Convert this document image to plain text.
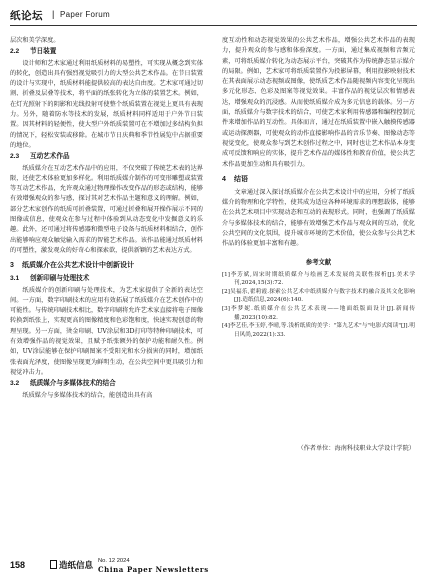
纸论坛 | Paper Forum

层次和美学深度。

2.2 节日装置

设计师和艺术家通过利用纸质材料的易塑性，可实现从概念到实体的转化，创造出具有强烈视觉吸引力的大型公共艺术作品。在节日装置的设计与实现中，纸质材料能提供较高的表达自由度。艺术家可通过切割、折叠及层叠等技术，将平面的纸张转化为立体的装置艺术。例如，在灯光照射下的阴影和光线投射可使整个纸质装置在视觉上更具有表现力。另外，随着防水等技术的发展，纸质材料同样适用于户外节日装置。因其材料的轻便性，使大型户外纸质装置可在不增加过多结构负担的情况下，轻松安装或移除。在城市节日庆典和季节性展览中占据重要的地位。

2.3 互动艺术作品

纸质媒介在互动艺术作品中的应用，不仅突破了传统艺术表的达界限，还使艺术体验更加多样化。利用纸质媒介制作的可变形雕塑或装置等互动艺术作品，允许观众通过物理操作改变作品的形态或结构，能够有效增强观众的参与感，探讨其对艺术作品主题和意义的理解。例如，部分艺术家创作的纸质可折叠装置，可通过折叠和展开操作展示不同的图像或信息，使观众在参与过程中体验到从动态变化中发掘意义的乐趣。此外，还可通过将传感器和微型电子设备与纸质材料相结合，创作出能够响应观众触觉输入需求的智能艺术作品。该作品能通过纸质材料的可塑性，激发观众的好奇心和探索欲，提供新颖的艺术表达方式。

3 纸质媒介在公共艺术设计中创新设计
3.1 创新印刷与处理技术

纸质媒介的创新印刷与处理技术，为艺术家提供了全新的表达空间。一方面，数字印刷技术的应用有效拓展了纸质媒介在艺术创作中的可能性。与传统印刷技术相比，数字印刷将允许艺术家直接将电子图像转换到纸张上，实现更高的图像精度和色彩饱和度，快速实现创意的物理呈现。另一方面，烫金印刷、UV涂层和3D打印等特种印刷技术，可有效增强作品的视觉效果，且赋予纸张额外的保护功能和耐久性。例如，UV涂层能够在保护印刷图案不受阳光和水分损害的同时，增加纸张表面光泽度，使图像呈现更为鲜明生动，在公共空间中更具吸引力和视觉冲击力。

3.2 纸质媒介与多媒体技术的结合

纸质媒介与多媒体技术的结合，能创造出具有高

度互动性和动态视觉效果的公共艺术作品，增强公共艺术作品的表现力，提升观众的参与感和体验深度。一方面，通过集成视频和音频元素，可将纸质媒介转化为动态展示平台，突破其作为传统静态显示媒介的局限。例如，艺术家可将纸质装置作为投影屏幕，利用投影映射技术在其表面展示动态视频或图像，使纸质艺术作品随视频内容变化呈现出多元化形态、色彩及图案等视觉效果。丰富作品的视觉层次和情感表达，增强观众的沉浸感。从而使纸质媒介成为多元信息的载体。另一方面，纸质媒介与数字技术的结合，可使艺术家利用传感器和编程控制元件来增加作品的互动性。具体而言，通过在纸质装置中嵌入触摸传感器或运动探测器，可使观众的动作直接影响作品的音乐节奏、图像动态等视觉变化，使观众参与到艺术创作过程之中，同时也让艺术作品本身变成可反馈和响应的实体，提升艺术作品的媒体性和教育价值，使公共艺术作品更加生动和具有吸引力。

4 结语

文章通过深入探讨纸质媒介在公共艺术设计中的应用，分析了纸质媒介的物理和化学特性，使其成为适应各种环境需求的理想载体，能够在公共艺术项目中实现动态和互动的表现形式。同时，也强调了纸质媒介与多媒体技术的结合，能够有效增强艺术作品与观众间的互动，优化公共空间的文化氛围，提升城市环境的艺术价值，使公众参与公共艺术作品的体验更加丰富和有趣。

参考文献
[1]李芳斌,周宋时期纸质媒介与绘画艺术发展的关联性探析[J].美术学刊,2024,15(3):72.
[2]吴福乐,翟莉霞.探索公共艺术中纸质媒介与数字技术的融合及其文化影响[J].造纸信息,2024(6):140.
[3]李梦妮.纸质媒介在公共艺术表现——地面纸版面设计[J].新闻传播,2023(10):82.
[4]李艺佳,李玉婷,李晴,等.浅析纸质的美学："第九艺术"与"电影式阅读"[J].明日风尚,2022(1):33.
（作者单位：海南科技职业大学设计学院）
158	造纸信息 No. 12 2024
China Paper Newsletters
